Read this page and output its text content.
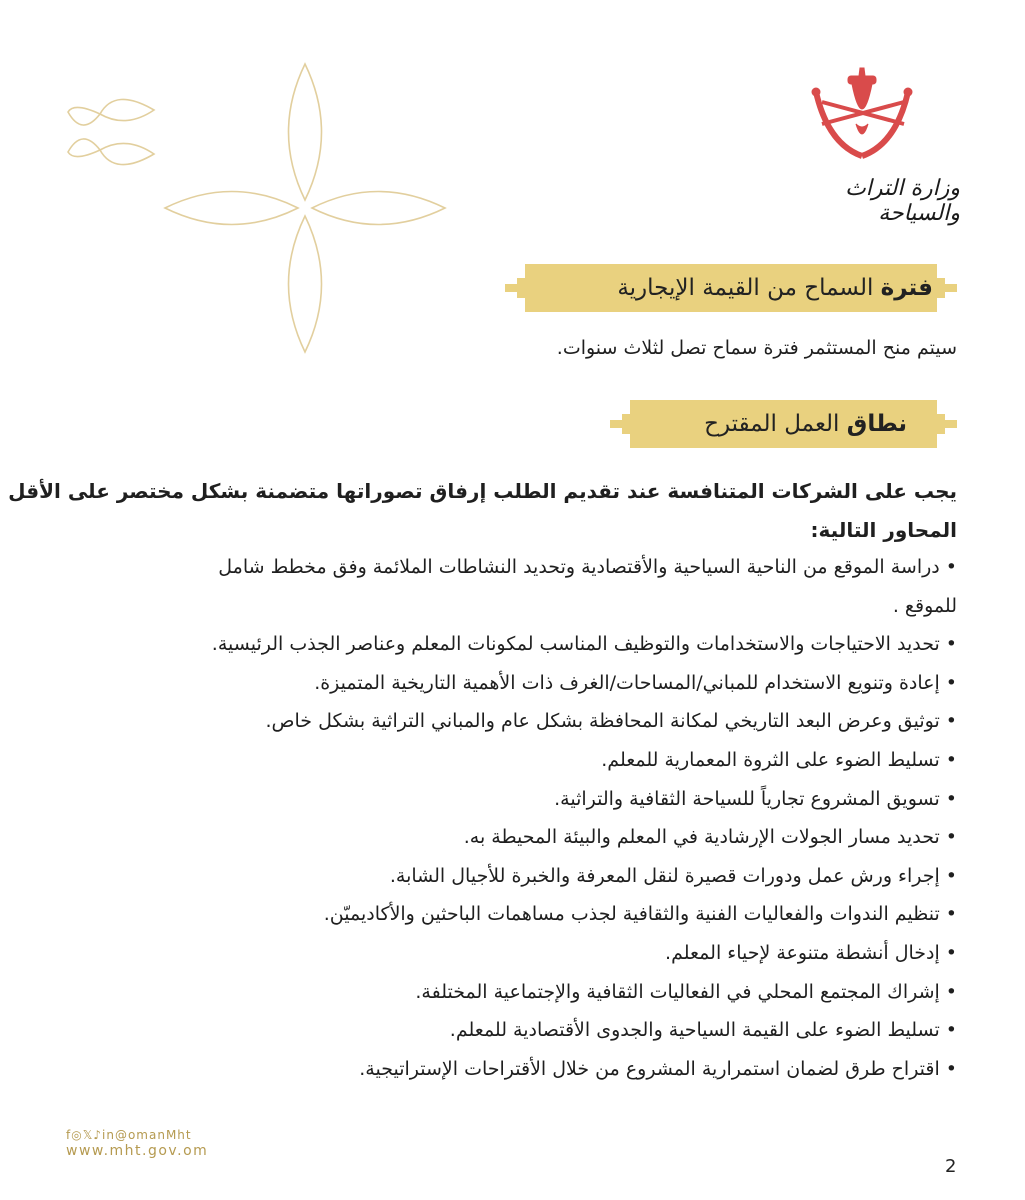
وزارة التراث والسياحة
فترة السماح من القيمة الإيجارية
سيتم منح المستثمر فترة سماح تصل لثلاث سنوات.
نطاق العمل المقترح
يجب على الشركات المتنافسة عند تقديم الطلب إرفاق تصوراتها متضمنة بشكل مختصر على الأقل
المحاور التالية:
•دراسة الموقع من الناحية السياحية والأقتصادية وتحديد النشاطات الملائمة وفق مخطط شامل
للموقع .
•تحديد الاحتياجات والاستخدامات والتوظيف المناسب لمكونات المعلم وعناصر الجذب الرئيسية.
•إعادة وتنويع الاستخدام للمباني/المساحات/الغرف ذات الأهمية التاريخية المتميزة.
•توثيق وعرض البعد التاريخي لمكانة المحافظة بشكل عام والمباني التراثية بشكل خاص.
•تسليط الضوء على الثروة المعمارية للمعلم.
•تسويق المشروع تجارياً للسياحة الثقافية والتراثية.
•تحديد مسار الجولات الإرشادية في المعلم والبيئة المحيطة به.
•إجراء ورش عمل ودورات قصيرة لنقل المعرفة والخبرة للأجيال الشابة.
•تنظيم الندوات والفعاليات الفنية والثقافية لجذب مساهمات الباحثين والأكاديميّن.
•إدخال أنشطة متنوعة لإحياء المعلم.
•إشراك المجتمع المحلي في الفعاليات الثقافية والإجتماعية المختلفة.
•تسليط الضوء على القيمة السياحية والجدوى الأقتصادية للمعلم.
•اقتراح طرق لضمان استمرارية المشروع من خلال الأقتراحات الإستراتيجية.
f◎𝕏♪in@omanMht
www.mht.gov.om
2
